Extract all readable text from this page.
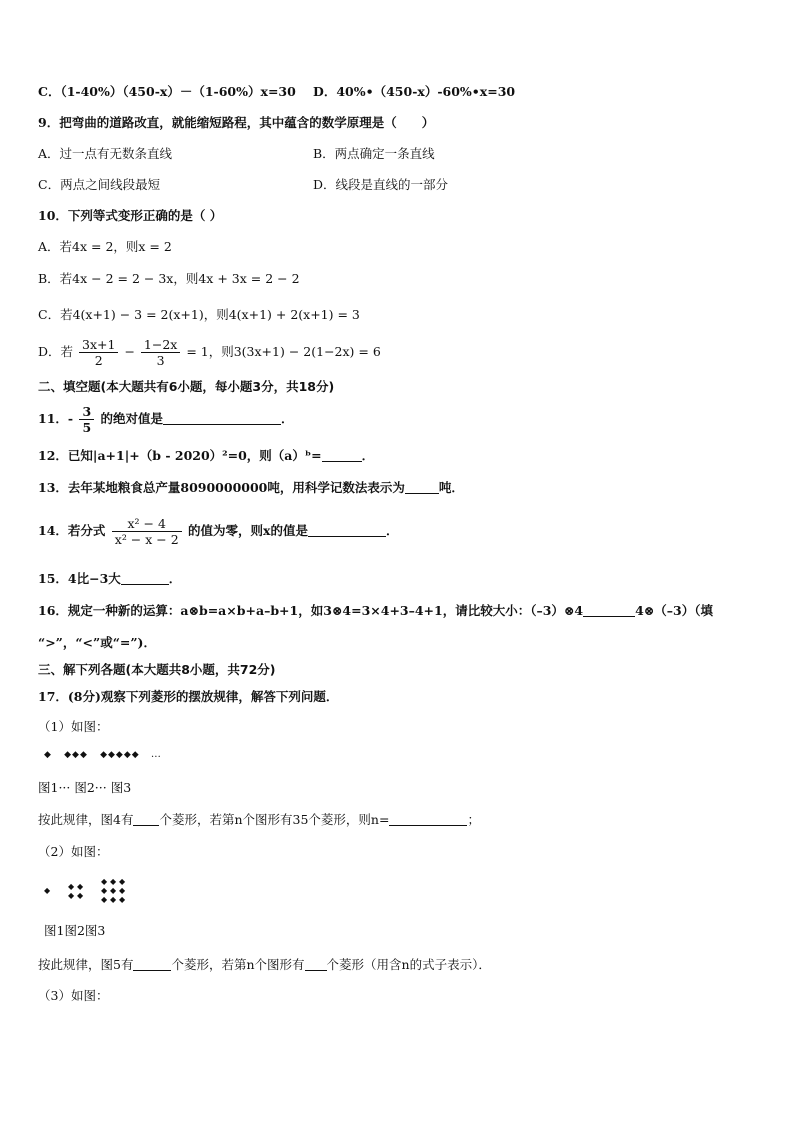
C．（1-40%）（450-x）－（1-60%）x=30 D．40%•（450-x）-60%•x=30
9．把弯曲的道路改直，就能缩短路程，其中蕴含的数学原理是（　　）
A．过一点有无数条直线	B．两点确定一条直线
C．两点之间线段最短	D．线段是直线的一部分
10．下列等式变形正确的是（ ）
A．若4x = 2，则x = 2
B．若4x − 2 = 2 − 3x，则4x + 3x = 2 − 2
C．若4(x+1) − 3 = 2(x+1)，则4(x+1) + 2(x+1) = 3
D．若 $\frac{3x+1}{2} - \frac{1-2x}{3} = 1$，则3(3x+1) − 2(1−2x) = 6
二、填空题(本大题共有6小题，每小题3分，共18分)
11．- $\frac{3}{5}$ 的绝对值是	．
12．已知|a+1|+（b - 2020）²=0，则（a）ᵇ=	．
13．去年某地粮食总产量8090000000吨，用科学记数法表示为	吨．
14．若分式 $\frac{\text{x² − 4}}{\text{x² − x − 2}}$ 的值为零，则x的值是	．
15．4比−3大	．
16．规定一种新的运算：a⊗b=a×b+a–b+1，如3⊗4=3×4+3–4+1，请比较大小：（–3）⊗4	4⊗（–3）（填
“>”，“<”或“=”)．
三、解下列各题(本大题共8小题，共72分)
17．(8分)观察下列菱形的摆放规律，解答下列问题．
（1）如图：
◆ ◆◆◆ ◆◆◆◆◆ …
图1··· 图2··· 图3
按此规律，图4有 个菱形，若第n个图形有35个菱形，则n=	；
（2）如图：
◆
◆ ◆
◆ ◆

◆ ◆ ◆
◆ ◆ ◆
◆ ◆ ◆
图1图2图3
按此规律，图5有	个菱形，若第n个图形有 个菱形（用含n的式子表示）．
（3）如图：
